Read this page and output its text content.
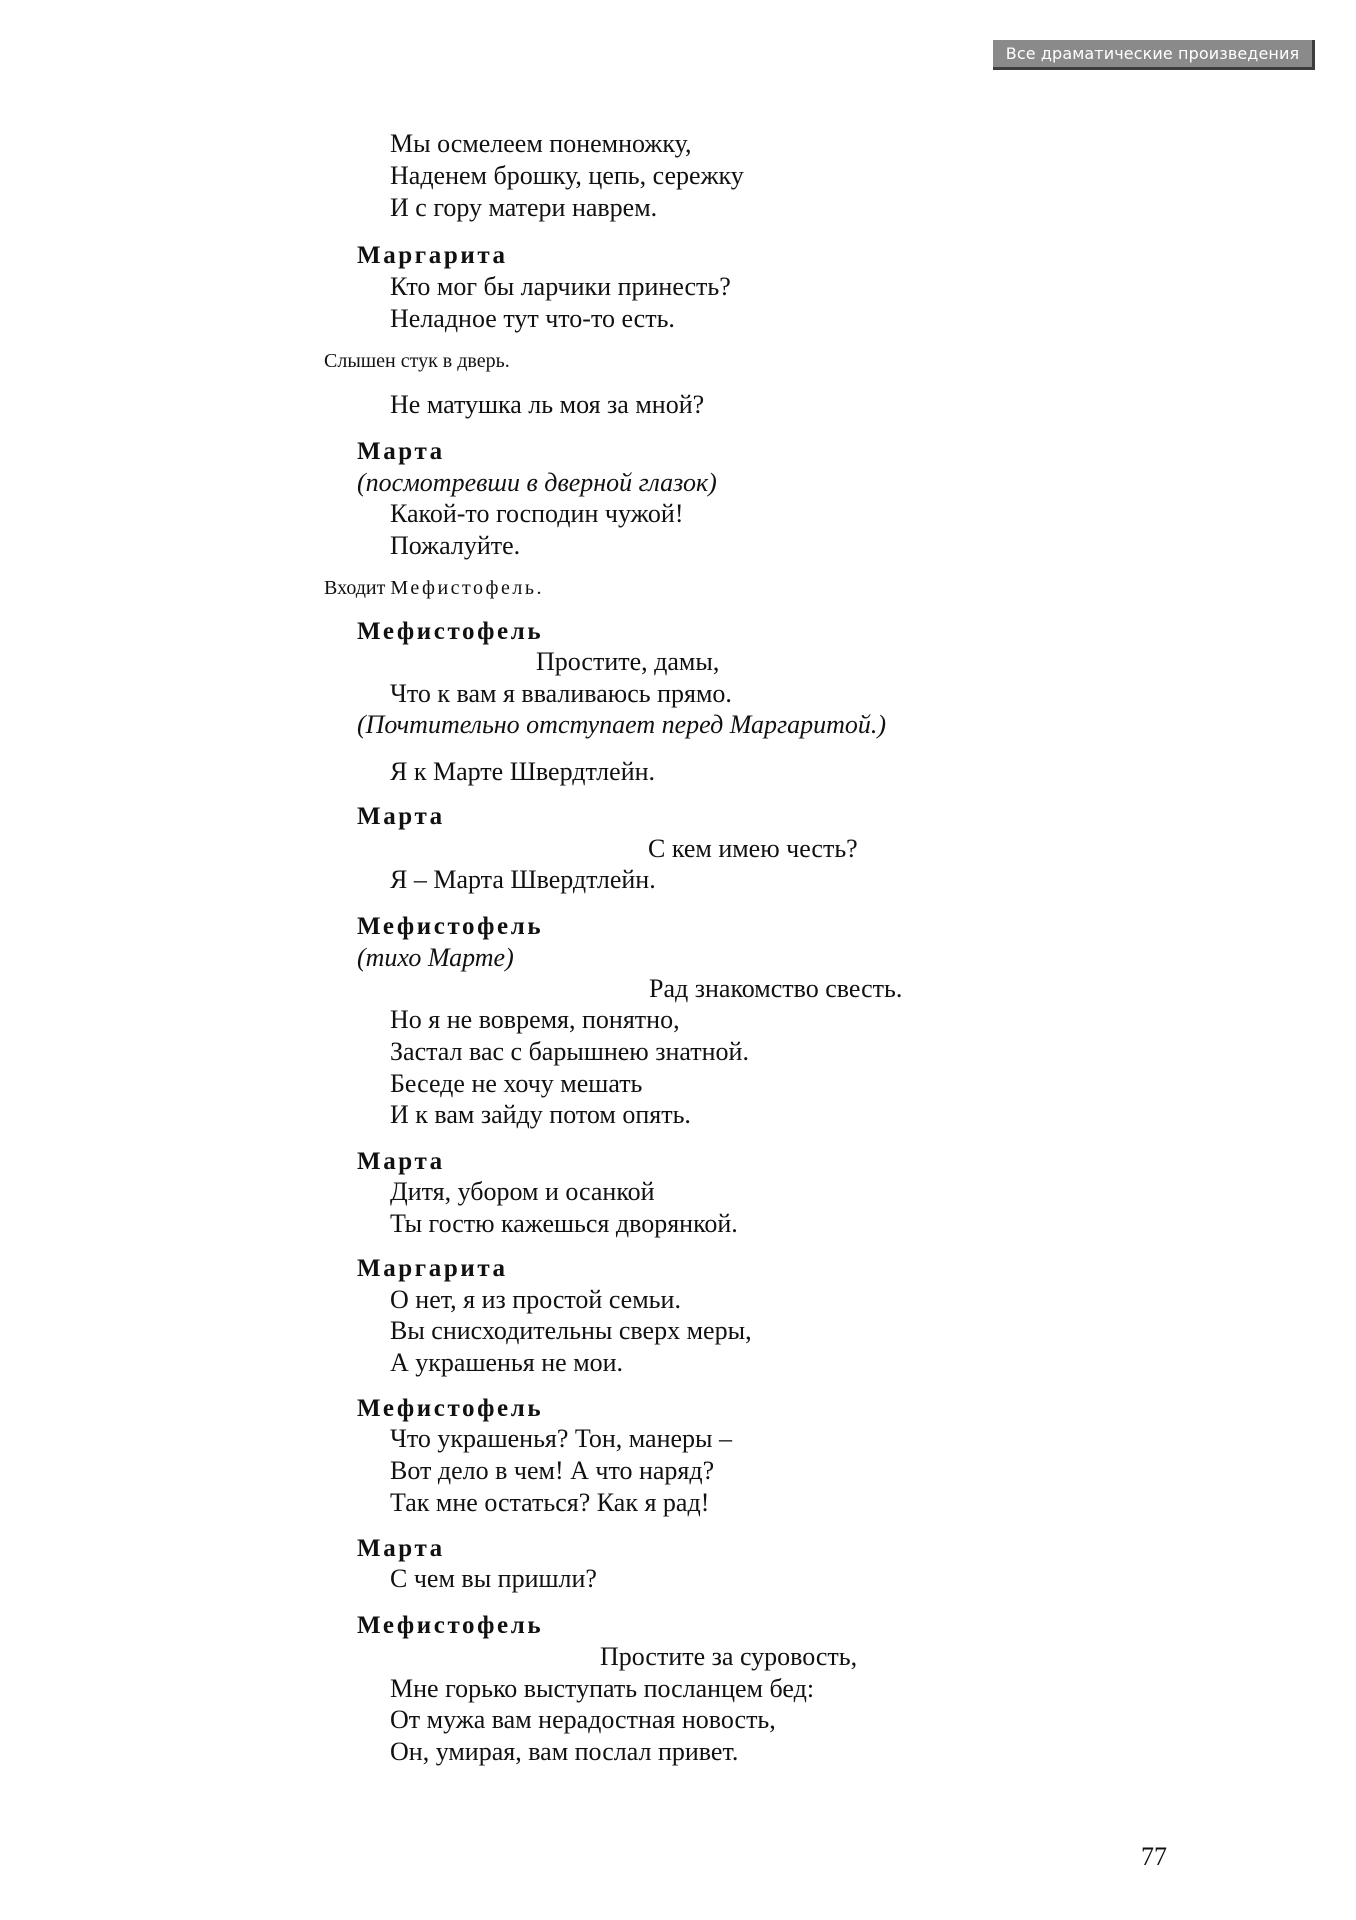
Все драматические произведения
Мы осмелеем понемножку,
Наденем брошку, цепь, сережку
И с гору матери наврем.
Маргарита
Кто мог бы ларчики принесть?
Неладное тут что-то есть.
Слышен стук в дверь.
Не матушка ль моя за мной?
Марта
(посмотревши в дверной глазок)
Какой-то господин чужой!
Пожалуйте.
Входит Мефистофель.
Мефистофель
Простите, дамы,
Что к вам я вваливаюсь прямо.
(Почтительно отступает перед Маргаритой.)
Я к Марте Швердтлейн.
Марта
С кем имею честь?
Я – Марта Швердтлейн.
Мефистофель
(тихо Марте)
Рад знакомство свесть.
Но я не вовремя, понятно,
Застал вас с барышнею знатной.
Беседе не хочу мешать
И к вам зайду потом опять.
Марта
Дитя, убором и осанкой
Ты гостю кажешься дворянкой.
Маргарита
О нет, я из простой семьи.
Вы снисходительны сверх меры,
А украшенья не мои.
Мефистофель
Что украшенья? Тон, манеры –
Вот дело в чем! А что наряд?
Так мне остаться? Как я рад!
Марта
С чем вы пришли?
Мефистофель
Простите за суровость,
Мне горько выступать посланцем бед:
От мужа вам нерадостная новость,
Он, умирая, вам послал привет.
77
